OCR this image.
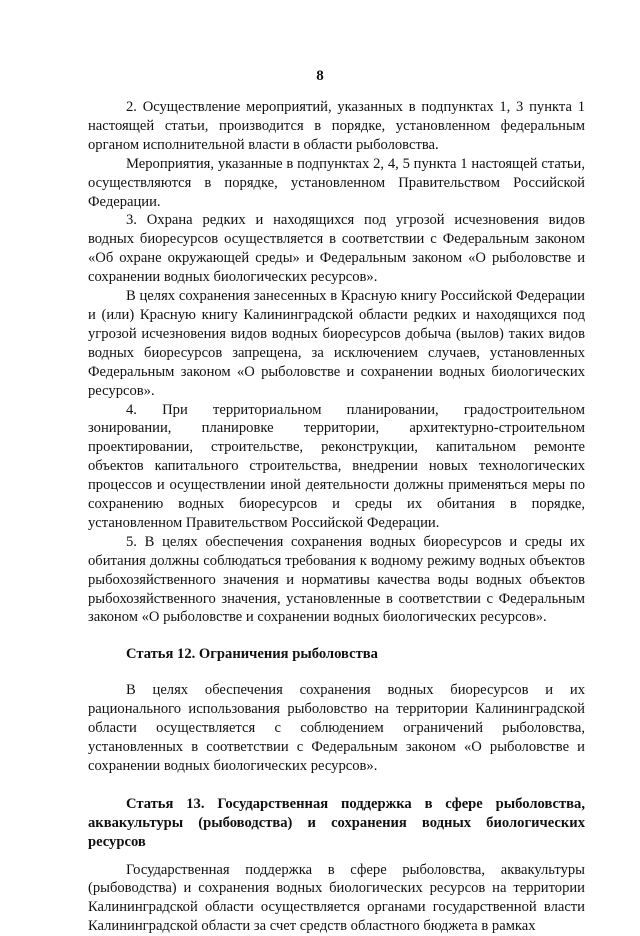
8

2. Осуществление мероприятий, указанных в подпунктах 1, 3 пункта 1 настоящей статьи, производится в порядке, установленном федеральным органом исполнительной власти в области рыболовства.

Мероприятия, указанные в подпунктах 2, 4, 5 пункта 1 настоящей статьи, осуществляются в порядке, установленном Правительством Российской Федерации.

3. Охрана редких и находящихся под угрозой исчезновения видов водных биоресурсов осуществляется в соответствии с Федеральным законом «Об охране окружающей среды» и Федеральным законом «О рыболовстве и сохранении водных биологических ресурсов».

В целях сохранения занесенных в Красную книгу Российской Федерации и (или) Красную книгу Калининградской области редких и находящихся под угрозой исчезновения видов водных биоресурсов добыча (вылов) таких видов водных биоресурсов запрещена, за исключением случаев, установленных Федеральным законом «О рыболовстве и сохранении водных биологических ресурсов».

4. При территориальном планировании, градостроительном зонировании, планировке территории, архитектурно-строительном проектировании, строительстве, реконструкции, капитальном ремонте объектов капитального строительства, внедрении новых технологических процессов и осуществлении иной деятельности должны применяться меры по сохранению водных биоресурсов и среды их обитания в порядке, установленном Правительством Российской Федерации.

5. В целях обеспечения сохранения водных биоресурсов и среды их обитания должны соблюдаться требования к водному режиму водных объектов рыбохозяйственного значения и нормативы качества воды водных объектов рыбохозяйственного значения, установленные в соответствии с Федеральным законом «О рыболовстве и сохранении водных биологических ресурсов».

Статья 12. Ограничения рыболовства

В целях обеспечения сохранения водных биоресурсов и их рационального использования рыболовство на территории Калининградской области осуществляется с соблюдением ограничений рыболовства, установленных в соответствии с Федеральным законом «О рыболовстве и сохранении водных биологических ресурсов».

Статья 13. Государственная поддержка в сфере рыболовства, аквакультуры (рыбоводства) и сохранения водных биологических ресурсов

Государственная поддержка в сфере рыболовства, аквакультуры (рыбоводства) и сохранения водных биологических ресурсов на территории Калининградской области осуществляется органами государственной власти Калининградской области за счет средств областного бюджета в рамках
